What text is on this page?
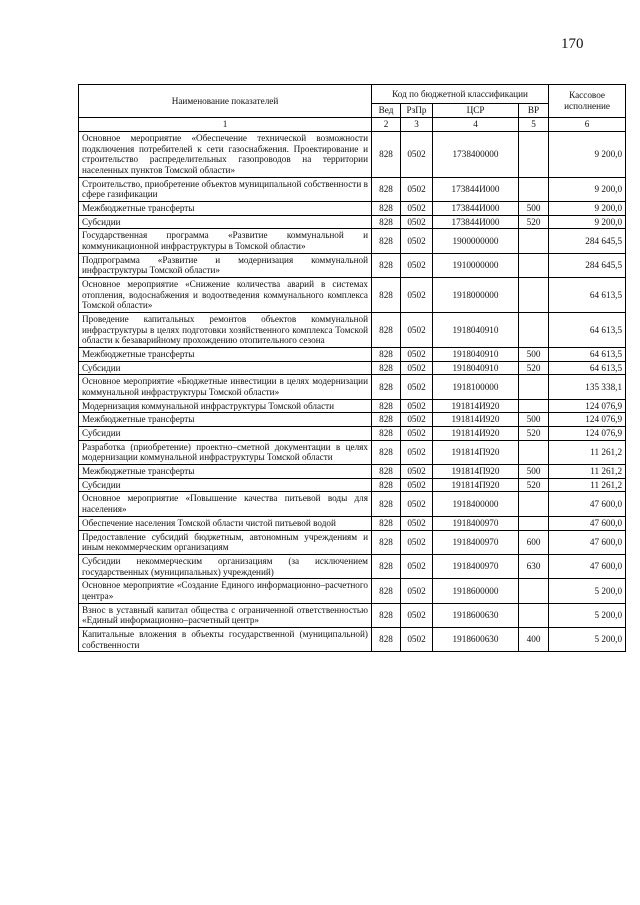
170
Наименование показателей	Код по бюджетной классификации				Кассовое исполнение
	Вед	РзПр	ЦСР	ВР	
1	2	3	4	5	6
Основное мероприятие «Обеспечение технической возможности подключения потребителей к сети газоснабжения. Проектирование и строительство распределительных газопроводов на территории населенных пунктов Томской области»	828	0502	1738400000		9 200,0
Строительство, приобретение объектов муниципальной собственности в сфере газификации	828	0502	173844И000		9 200,0
Межбюджетные трансферты	828	0502	173844И000	500	9 200,0
Субсидии	828	0502	173844И000	520	9 200,0
Государственная программа «Развитие коммунальной и коммуникационной инфраструктуры в Томской области»	828	0502	1900000000		284 645,5
Подпрограмма «Развитие и модернизация коммунальной инфраструктуры Томской области»	828	0502	1910000000		284 645,5
Основное мероприятие «Снижение количества аварий в системах отопления, водоснабжения и водоотведения коммунального комплекса Томской области»	828	0502	1918000000		64 613,5
Проведение капитальных ремонтов объектов коммунальной инфраструктуры в целях подготовки хозяйственного комплекса Томской области к безаварийному прохождению отопительного сезона	828	0502	1918040910		64 613,5
Межбюджетные трансферты	828	0502	1918040910	500	64 613,5
Субсидии	828	0502	1918040910	520	64 613,5
Основное мероприятие «Бюджетные инвестиции в целях модернизации коммунальной инфраструктуры Томской области»	828	0502	1918100000		135 338,1
Модернизация коммунальной инфраструктуры Томской области	828	0502	191814И920		124 076,9
Межбюджетные трансферты	828	0502	191814И920	500	124 076,9
Субсидии	828	0502	191814И920	520	124 076,9
Разработка (приобретение) проектно–сметной документации в целях модернизации коммунальной инфраструктуры Томской области	828	0502	191814П920		11 261,2
Межбюджетные трансферты	828	0502	191814П920	500	11 261,2
Субсидии	828	0502	191814П920	520	11 261,2
Основное мероприятие «Повышение качества питьевой воды для населения»	828	0502	1918400000		47 600,0
Обеспечение населения Томской области чистой питьевой водой	828	0502	1918400970		47 600,0
Предоставление субсидий бюджетным, автономным учреждениям и иным некоммерческим организациям	828	0502	1918400970	600	47 600,0
Субсидии некоммерческим организациям (за исключением государственных (муниципальных) учреждений)	828	0502	1918400970	630	47 600,0
Основное мероприятие «Создание Единого информационно–расчетного центра»	828	0502	1918600000		5 200,0
Взнос в уставный капитал общества с ограниченной ответственностью «Единый информационно–расчетный центр»	828	0502	1918600630		5 200,0
Капитальные вложения в объекты государственной (муниципальной) собственности	828	0502	1918600630	400	5 200,0
